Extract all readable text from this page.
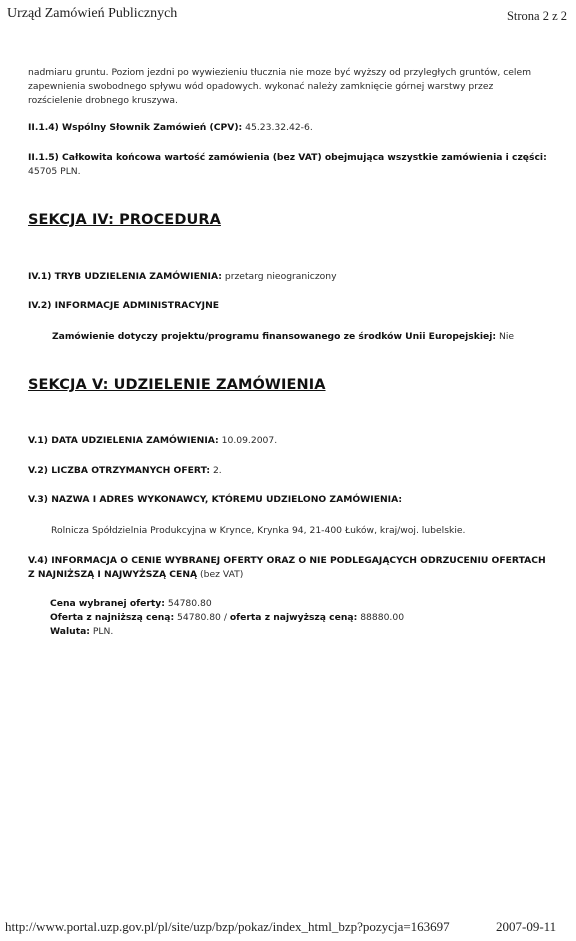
Urząd Zamówień Publicznych	Strona 2 z 2
nadmiaru gruntu. Poziom jezdni po wywiezieniu tłucznia nie moze być wyższy od przyległych gruntów, celem zapewnienia swobodnego spływu wód opadowych. wykonać należy zamknięcie górnej warstwy przez rozścielenie drobnego kruszywa.
II.1.4) Wspólny Słownik Zamówień (CPV): 45.23.32.42-6.
II.1.5) Całkowita końcowa wartość zamówienia (bez VAT) obejmująca wszystkie zamówienia i części: 45705 PLN.
SEKCJA IV: PROCEDURA
IV.1) TRYB UDZIELENIA ZAMÓWIENIA: przetarg nieograniczony
IV.2) INFORMACJE ADMINISTRACYJNE
Zamówienie dotyczy projektu/programu finansowanego ze środków Unii Europejskiej: Nie
SEKCJA V: UDZIELENIE ZAMÓWIENIA
V.1) DATA UDZIELENIA ZAMÓWIENIA: 10.09.2007.
V.2) LICZBA OTRZYMANYCH OFERT: 2.
V.3) NAZWA I ADRES WYKONAWCY, KTÓREMU UDZIELONO ZAMÓWIENIA:
Rolnicza Spółdzielnia Produkcyjna w Krynce, Krynka 94, 21-400 Łuków, kraj/woj. lubelskie.
V.4) INFORMACJA O CENIE WYBRANEJ OFERTY ORAZ O NIE PODLEGAJĄCYCH ODRZUCENIU OFERTACH Z NAJNIŻSZĄ I NAJWYŻSZĄ CENĄ (bez VAT)
Cena wybranej oferty: 54780.80
Oferta z najniższą ceną: 54780.80 / oferta z najwyższą ceną: 88880.00
Waluta: PLN.
http://www.portal.uzp.gov.pl/pl/site/uzp/bzp/pokaz/index_html_bzp?pozycja=163697	2007-09-11
